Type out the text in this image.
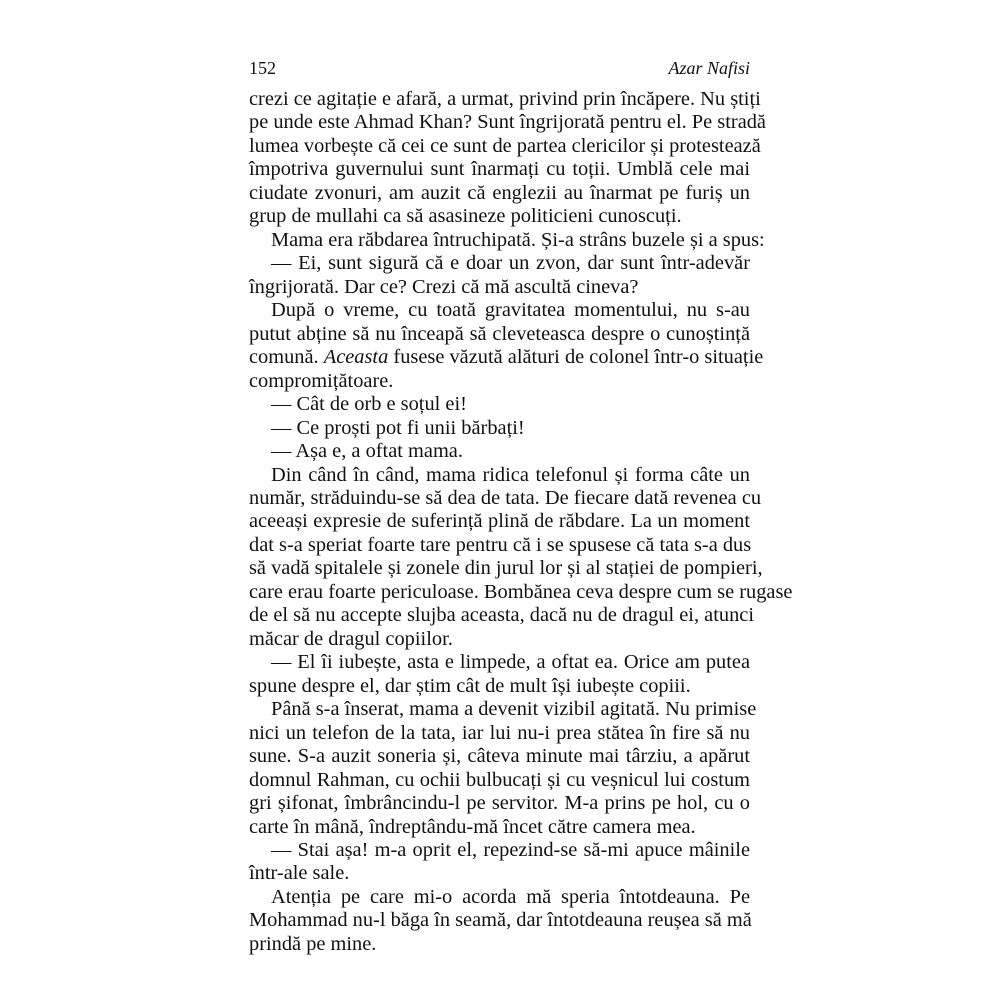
152	Azar Nafisi
crezi ce agitație e afară, a urmat, privind prin încăpere. Nu știți
pe unde este Ahmad Khan? Sunt îngrijorată pentru el. Pe stradă
lumea vorbește că cei ce sunt de partea clericilor și protestează
împotriva guvernului sunt înarmați cu toții. Umblă cele mai
ciudate zvonuri, am auzit că englezii au înarmat pe furiș un
grup de mullahi ca să asasineze politicieni cunoscuți.
Mama era răbdarea întruchipată. Și-a strâns buzele și a spus:
— Ei, sunt sigură că e doar un zvon, dar sunt într-adevăr
îngrijorată. Dar ce? Crezi că mă ascultă cineva?
După o vreme, cu toată gravitatea momentului, nu s-au
putut abține să nu înceapă să cleveteasca despre o cunoștință
comună. Aceasta fusese văzută alături de colonel într-o situație
compromițătoare.
— Cât de orb e soțul ei!
— Ce proști pot fi unii bărbați!
— Așa e, a oftat mama.
Din când în când, mama ridica telefonul și forma câte un
număr, străduindu-se să dea de tata. De fiecare dată revenea cu
aceeași expresie de suferință plină de răbdare. La un moment
dat s-a speriat foarte tare pentru că i se spusese că tata s-a dus
să vadă spitalele și zonele din jurul lor și al stației de pompieri,
care erau foarte periculoase. Bombănea ceva despre cum se rugase
de el să nu accepte slujba aceasta, dacă nu de dragul ei, atunci
măcar de dragul copiilor.
— El îi iubește, asta e limpede, a oftat ea. Orice am putea
spune despre el, dar știm cât de mult își iubește copiii.
Până s-a înserat, mama a devenit vizibil agitată. Nu primise
nici un telefon de la tata, iar lui nu-i prea stătea în fire să nu
sune. S-a auzit soneria și, câteva minute mai târziu, a apărut
domnul Rahman, cu ochii bulbucați și cu veșnicul lui costum
gri șifonat, îmbrâncindu-l pe servitor. M-a prins pe hol, cu o
carte în mână, îndreptându-mă încet către camera mea.
— Stai așa! m-a oprit el, repezind-se să-mi apuce mâinile
într-ale sale.
Atenția pe care mi-o acorda mă speria întotdeauna. Pe
Mohammad nu-l băga în seamă, dar întotdeauna reușea să mă
prindă pe mine.
